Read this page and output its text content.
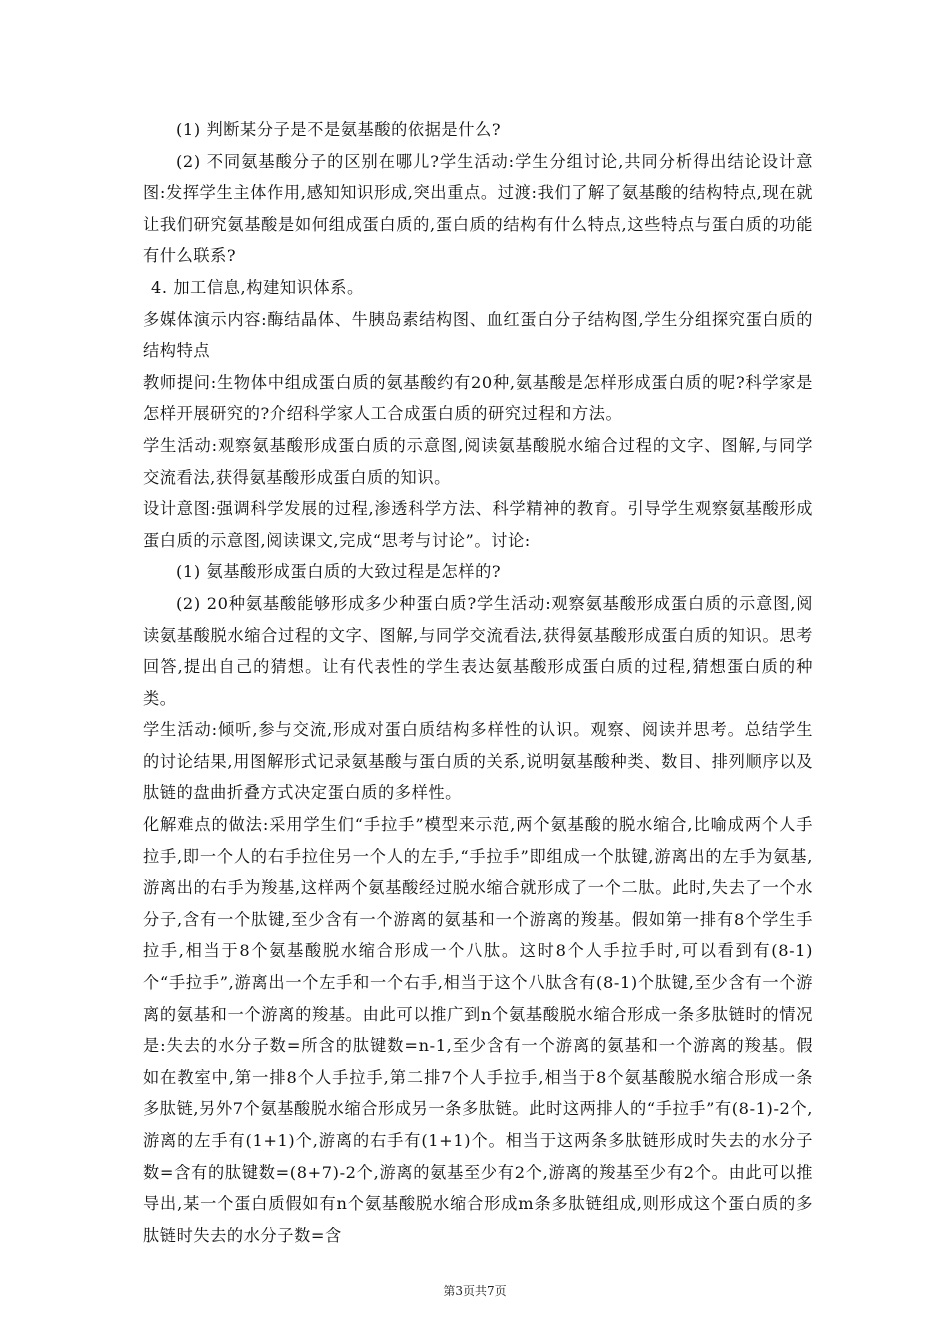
(1) 判断某分子是不是氨基酸的依据是什么?

(2) 不同氨基酸分子的区别在哪儿?学生活动:学生分组讨论,共同分析得出结论设计意图:发挥学生主体作用,感知知识形成,突出重点。过渡:我们了解了氨基酸的结构特点,现在就让我们研究氨基酸是如何组成蛋白质的,蛋白质的结构有什么特点,这些特点与蛋白质的功能有什么联系?

4. 加工信息,构建知识体系。

多媒体演示内容:酶结晶体、牛胰岛素结构图、血红蛋白分子结构图,学生分组探究蛋白质的结构特点

教师提问:生物体中组成蛋白质的氨基酸约有20种,氨基酸是怎样形成蛋白质的呢?科学家是怎样开展研究的?介绍科学家人工合成蛋白质的研究过程和方法。

学生活动:观察氨基酸形成蛋白质的示意图,阅读氨基酸脱水缩合过程的文字、图解,与同学交流看法,获得氨基酸形成蛋白质的知识。

设计意图:强调科学发展的过程,渗透科学方法、科学精神的教育。引导学生观察氨基酸形成蛋白质的示意图,阅读课文,完成“思考与讨论”。讨论:

(1) 氨基酸形成蛋白质的大致过程是怎样的?

(2) 20种氨基酸能够形成多少种蛋白质?学生活动:观察氨基酸形成蛋白质的示意图,阅读氨基酸脱水缩合过程的文字、图解,与同学交流看法,获得氨基酸形成蛋白质的知识。思考回答,提出自己的猜想。让有代表性的学生表达氨基酸形成蛋白质的过程,猜想蛋白质的种类。

学生活动:倾听,参与交流,形成对蛋白质结构多样性的认识。观察、阅读并思考。总结学生的讨论结果,用图解形式记录氨基酸与蛋白质的关系,说明氨基酸种类、数目、排列顺序以及肽链的盘曲折叠方式决定蛋白质的多样性。

化解难点的做法:采用学生们“手拉手”模型来示范,两个氨基酸的脱水缩合,比喻成两个人手拉手,即一个人的右手拉住另一个人的左手,“手拉手”即组成一个肽键,游离出的左手为氨基,游离出的右手为羧基,这样两个氨基酸经过脱水缩合就形成了一个二肽。此时,失去了一个水分子,含有一个肽键,至少含有一个游离的氨基和一个游离的羧基。假如第一排有8个学生手拉手,相当于8个氨基酸脱水缩合形成一个八肽。这时8个人手拉手时,可以看到有(8-1)个“手拉手”,游离出一个左手和一个右手,相当于这个八肽含有(8-1)个肽键,至少含有一个游离的氨基和一个游离的羧基。由此可以推广到n个氨基酸脱水缩合形成一条多肽链时的情况是:失去的水分子数=所含的肽键数=n-1,至少含有一个游离的氨基和一个游离的羧基。假如在教室中,第一排8个人手拉手,第二排7个人手拉手,相当于8个氨基酸脱水缩合形成一条多肽链,另外7个氨基酸脱水缩合形成另一条多肽链。此时这两排人的“手拉手”有(8-1)-2个,游离的左手有(1+1)个,游离的右手有(1+1)个。相当于这两条多肽链形成时失去的水分子数=含有的肽键数=(8+7)-2个,游离的氨基至少有2个,游离的羧基至少有2个。由此可以推导出,某一个蛋白质假如有n个氨基酸脱水缩合形成m条多肽链组成,则形成这个蛋白质的多肽链时失去的水分子数=含

第3页共7页
